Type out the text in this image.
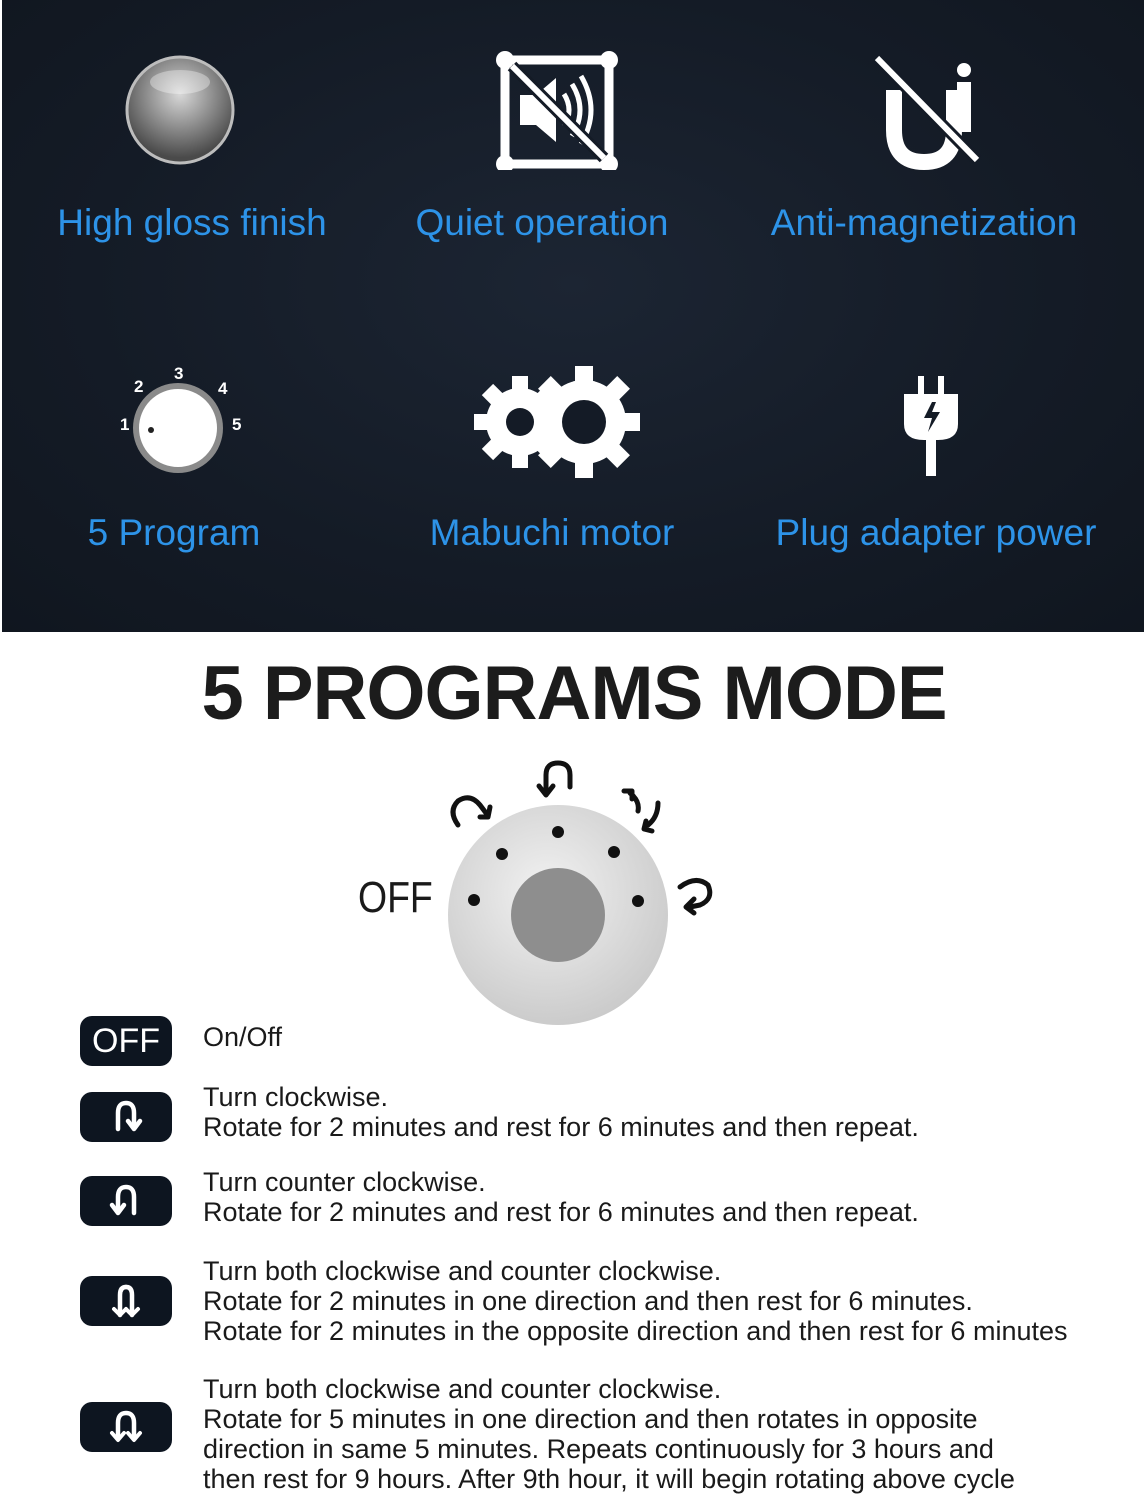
High gloss finish	Quiet operation	Anti-magnetization
1
2
3
4
5
5 Program	Mabuchi motor	Plug adapter power
5 PROGRAMS MODE
OFF
OFF On/Off
Turn clockwise.
Rotate for 2 minutes and rest for 6 minutes and then repeat.
Turn counter clockwise.
Rotate for 2 minutes and rest for 6 minutes and then repeat.
Turn both clockwise and counter clockwise.
Rotate for 2 minutes in one direction and then rest for 6 minutes.
Rotate for 2 minutes in the opposite direction and then rest for 6 minutes
Turn both clockwise and counter clockwise.
Rotate for 5 minutes in one direction and then rotates in opposite
direction in same 5 minutes. Repeats continuously for 3 hours and
then rest for 9 hours. After 9th hour, it will begin rotating above cycle
